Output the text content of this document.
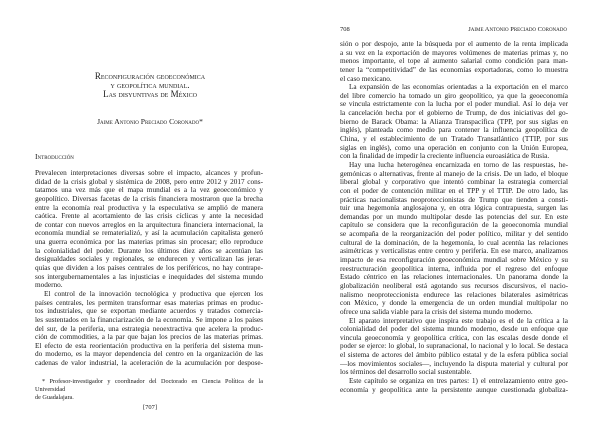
Reconfiguración geoeconómica
y geopolítica mundial.
Las disyuntivas de México
Jaime Antonio Preciado Coronado*
Introducción
Prevalecen interpretaciones diversas sobre el impacto, alcances y profun-
didad de la crisis global y sistémica de 2008, pero entre 2012 y 2017 cons-
tatamos una vez más que el mapa mundial es a la vez geoeconómico y
geopolítico. Diversas facetas de la crisis financiera mostraron que la brecha
entre la economía real productiva y la especulativa se amplió de manera
caótica. Frente al acortamiento de las crisis cíclicas y ante la necesidad
de contar con nuevos arreglos en la arquitectura financiera internacional, la
economía mundial se rematerializó, y así la acumulación capitalista generó
una guerra económica por las materias primas sin procesar; ello reproduce
la colonialidad del poder. Durante los últimos diez años se acentúan las
desigualdades sociales y regionales, se endurecen y verticalizan las jerar-
quías que dividen a los países centrales de los periféricos, no hay contrape-
sos intergubernamentales a las injusticias e inequidades del sistema mundo
moderno.
El control de la innovación tecnológica y productiva que ejercen los
países centrales, les permiten transformar esas materias primas en produc-
tos industriales, que se exportan mediante acuerdos y tratados comercia-
les sustentados en la financiarización de la economía. Se impone a los países
del sur, de la periferia, una estrategia neoextractiva que acelera la produc-
ción de commodities, a la par que bajan los precios de las materias primas.
El efecto de esta reorientación productiva en la periferia del sistema mun-
do moderno, es la mayor dependencia del centro en la organización de las
cadenas de valor industrial, la aceleración de la acumulación por despose-
* Profesor-investigador y coordinador del Doctorado en Ciencia Política de la Universidad
de Guadalajara.
[707]
708	Jaime Antonio Preciado Coronado
sión o por despojo, ante la búsqueda por el aumento de la renta implicada
a su vez en la exportación de mayores volúmenes de materias primas y, no
menos importante, el tope al aumento salarial como condición para man-
tener la “competitividad” de las economías exportadoras, como lo muestra
el caso mexicano.
La expansión de las economías orientadas a la exportación en el marco
del libre comercio ha tomado un giro geopolítico, ya que la geoeconomía
se vincula estrictamente con la lucha por el poder mundial. Así lo deja ver
la cancelación hecha por el gobierno de Trump, de dos iniciativas del go-
bierno de Barack Obama: la Alianza Transpacífica (TPP, por sus siglas en
inglés), planteada como medio para contener la influencia geopolítica de
China, y el establecimiento de un Tratado Transatlántico (TTIP, por sus
siglas en inglés), como una operación en conjunto con la Unión Europea,
con la finalidad de impedir la creciente influencia euroasiática de Rusia.
Hay una lucha heterogénea encarnizada en torno de las respuestas, he-
gemónicas o alternativas, frente al manejo de la crisis. De un lado, el bloque
liberal global y corporativo que intentó combinar la estrategia comercial
con el poder de contención militar en el TPP y el TTIP. De otro lado, las
prácticas nacionalistas neoproteccionistas de Trump que tienden a consti-
tuir una hegemonía anglosajona y, en otra lógica contrapuesta, surgen las
demandas por un mundo multipolar desde las potencias del sur. En este
capítulo se considera que la reconfiguración de la geoeconomía mundial
se acompaña de la reorganización del poder político, militar y del sentido
cultural de la dominación, de la hegemonía, lo cual acentúa las relaciones
asimétricas y verticalistas entre centro y periferia. En ese marco, analizamos
impacto de esa reconfiguración geoeconómica mundial sobre México y su
reestructuración geopolítica interna, influida por el regreso del enfoque
Estado céntrico en las relaciones internacionales. Un panorama donde la
globalización neoliberal está agotando sus recursos discursivos, el nacio-
nalismo neoproteccionista endurece las relaciones bilaterales asimétricas
con México, y donde la emergencia de un orden mundial multipolar no
ofrece una salida viable para la crisis del sistema mundo moderno.
El aparato interpretativo que inspira este trabajo es el de la crítica a la
colonialidad del poder del sistema mundo moderno, desde un enfoque que
vincula geoeconomía y geopolítica crítica, con las escalas desde donde el
poder se ejerce: lo global, lo supranacional, lo nacional y lo local. Se destaca
el sistema de actores del ámbito público estatal y de la esfera pública social
—los movimientos sociales—, incluyendo la disputa material y cultural por
los términos del desarrollo social sustentable.
Este capítulo se organiza en tres partes: 1) el entrelazamiento entre geo-
economía y geopolítica ante la persistente aunque cuestionada globaliza-
